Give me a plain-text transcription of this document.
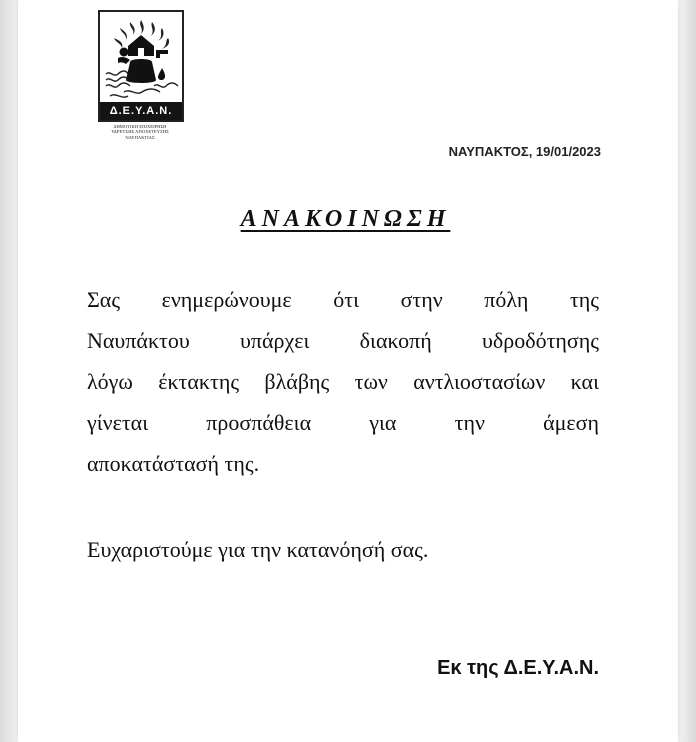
Δ.Ε.Υ.Α.Ν.
ΔΗΜΟΤΙΚΗ ΕΠΙΧΕΙΡΗΣΗ
ΥΔΡΕΥΣΗΣ ΑΠΟΧΕΤΕΥΣΗΣ
ΝΑΥΠΑΚΤΙΑΣ
ΝΑΥΠΑΚΤΟΣ, 19/01/2023
ΑΝΑΚΟΙΝΩΣΗ

Σας ενημερώνουμε ότι στην πόλη της
Ναυπάκτου υπάρχει διακοπή υδροδότησης
λόγω έκτακτης βλάβης των αντλιοστασίων και
γίνεται προσπάθεια για την άμεση
αποκατάστασή της.

Ευχαριστούμε για την κατανόησή σας.
Εκ της Δ.Ε.Υ.Α.Ν.
